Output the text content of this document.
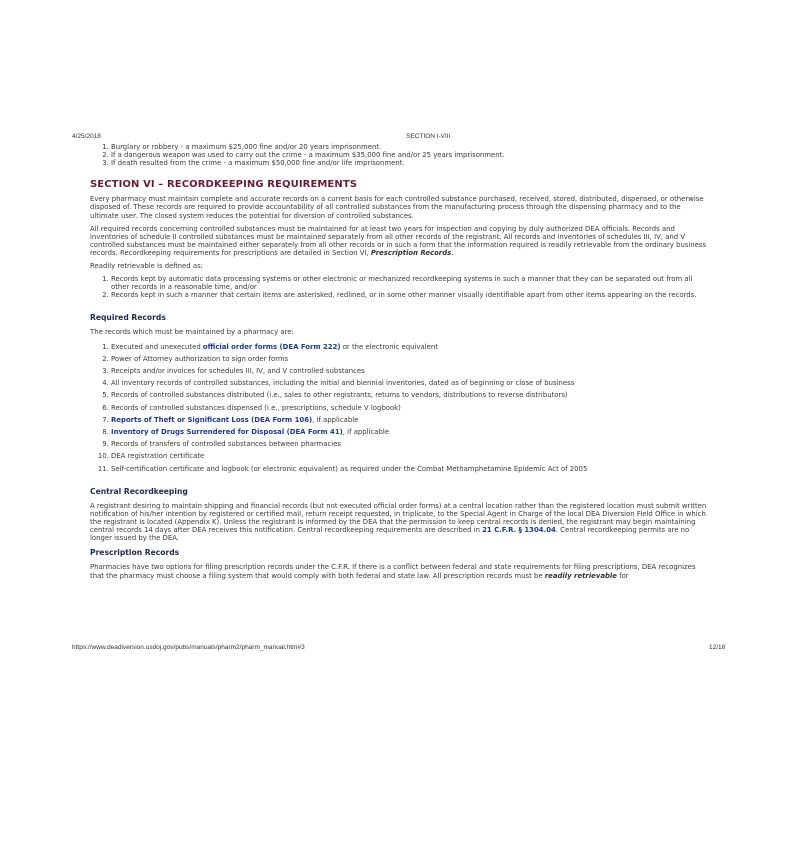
4/25/2018	SECTION I-VIII
1. Burglary or robbery - a maximum $25,000 fine and/or 20 years imprisonment.
2. If a dangerous weapon was used to carry out the crime - a maximum $35,000 fine and/or 25 years imprisonment.
3. If death resulted from the crime - a maximum $50,000 fine and/or life imprisonment.
SECTION VI – RECORDKEEPING REQUIREMENTS

Every pharmacy must maintain complete and accurate records on a current basis for each controlled substance purchased, received, stored, distributed, dispensed, or otherwise disposed of. These records are required to provide accountability of all controlled substances from the manufacturing process through the dispensing pharmacy and to the ultimate user. The closed system reduces the potential for diversion of controlled substances.

All required records concerning controlled substances must be maintained for at least two years for inspection and copying by duly authorized DEA officials. Records and inventories of schedule II controlled substances must be maintained separately from all other records of the registrant. All records and inventories of schedules III, IV, and V controlled substances must be maintained either separately from all other records or in such a form that the information required is readily retrievable from the ordinary business records. Recordkeeping requirements for prescriptions are detailed in Section VI, Prescription Records.

Readily retrievable is defined as:

1. Records kept by automatic data processing systems or other electronic or mechanized recordkeeping systems in such a manner that they can be separated out from all other records in a reasonable time, and/or
2. Records kept in such a manner that certain items are asterisked, redlined, or in some other manner visually identifiable apart from other items appearing on the records.
Required Records

The records which must be maintained by a pharmacy are:

1. Executed and unexecuted official order forms (DEA Form 222) or the electronic equivalent
2. Power of Attorney authorization to sign order forms
3. Receipts and/or invoices for schedules III, IV, and V controlled substances
4. All inventory records of controlled substances, including the initial and biennial inventories, dated as of beginning or close of business
5. Records of controlled substances distributed (i.e., sales to other registrants, returns to vendors, distributions to reverse distributors)
6. Records of controlled substances dispensed (i.e., prescriptions, schedule V logbook)
7. Reports of Theft or Significant Loss (DEA Form 106), if applicable
8. Inventory of Drugs Surrendered for Disposal (DEA Form 41), if applicable
9. Records of transfers of controlled substances between pharmacies
10. DEA registration certificate
11. Self-certification certificate and logbook (or electronic equivalent) as required under the Combat Methamphetamine Epidemic Act of 2005
Central Recordkeeping

A registrant desiring to maintain shipping and financial records (but not executed official order forms) at a central location rather than the registered location must submit written notification of his/her intention by registered or certified mail, return receipt requested, in triplicate, to the Special Agent in Charge of the local DEA Diversion Field Office in which the registrant is located (Appendix K). Unless the registrant is informed by the DEA that the permission to keep central records is denied, the registrant may begin maintaining central records 14 days after DEA receives this notification. Central recordkeeping requirements are described in 21 C.F.R. § 1304.04. Central recordkeeping permits are no longer issued by the DEA.

Prescription Records

Pharmacies have two options for filing prescription records under the C.F.R. If there is a conflict between federal and state requirements for filing prescriptions, DEA recognizes that the pharmacy must choose a filing system that would comply with both federal and state law. All prescription records must be readily retrievable for

https://www.deadiversion.usdoj.gov/pubs/manuals/pharm2/pharm_manual.htm#3	12/18
